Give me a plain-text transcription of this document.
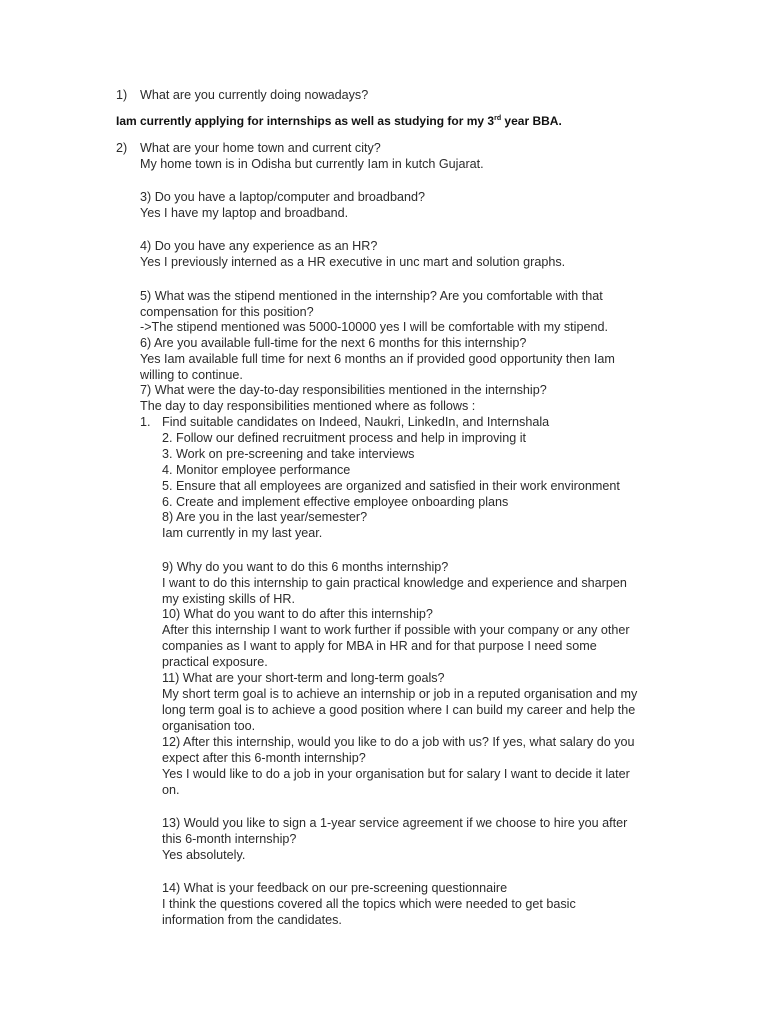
1) What are you currently doing nowadays?
Iam currently applying for internships as well as studying for my 3rd year BBA.
2) What are your home town and current city?
My home town is in Odisha but currently Iam in kutch Gujarat.
3) Do you have a laptop/computer and broadband?
Yes I have my laptop and broadband.
4) Do you have any experience as an HR?
Yes I previously interned as a HR executive in unc mart and solution graphs.
5) What was the stipend mentioned in the internship? Are you comfortable with that
compensation for this position?
->The stipend mentioned was 5000-10000 yes I will be comfortable with my stipend.
6) Are you available full-time for the next 6 months for this internship?
Yes Iam available full time for next 6 months an if provided good opportunity then Iam
willing to continue.
7) What were the day-to-day responsibilities mentioned in the internship?
The day to day responsibilities mentioned where as follows :
1. Find suitable candidates on Indeed, Naukri, LinkedIn, and Internshala
2. Follow our defined recruitment process and help in improving it
3. Work on pre-screening and take interviews
4. Monitor employee performance
5. Ensure that all employees are organized and satisfied in their work environment
6. Create and implement effective employee onboarding plans
8) Are you in the last year/semester?
Iam currently in my last year.
9) Why do you want to do this 6 months internship?
I want to do this internship to gain practical knowledge and experience and sharpen
my existing skills of HR.
10) What do you want to do after this internship?
After this internship I want to work further if possible with your company or any other
companies as I want to apply for MBA in HR and for that purpose I need some
practical exposure.
11) What are your short-term and long-term goals?
My short term goal is to achieve an internship or job in a reputed organisation and my
long term goal is to achieve a good position where I can build my career and help the
organisation too.
12) After this internship, would you like to do a job with us? If yes, what salary do you
expect after this 6-month internship?
Yes I would like to do a job in your organisation but for salary I want to decide it later
on.
13) Would you like to sign a 1-year service agreement if we choose to hire you after
this 6-month internship?
Yes absolutely.
14) What is your feedback on our pre-screening questionnaire
I think the questions covered all the topics which were needed to get basic
information from the candidates.
